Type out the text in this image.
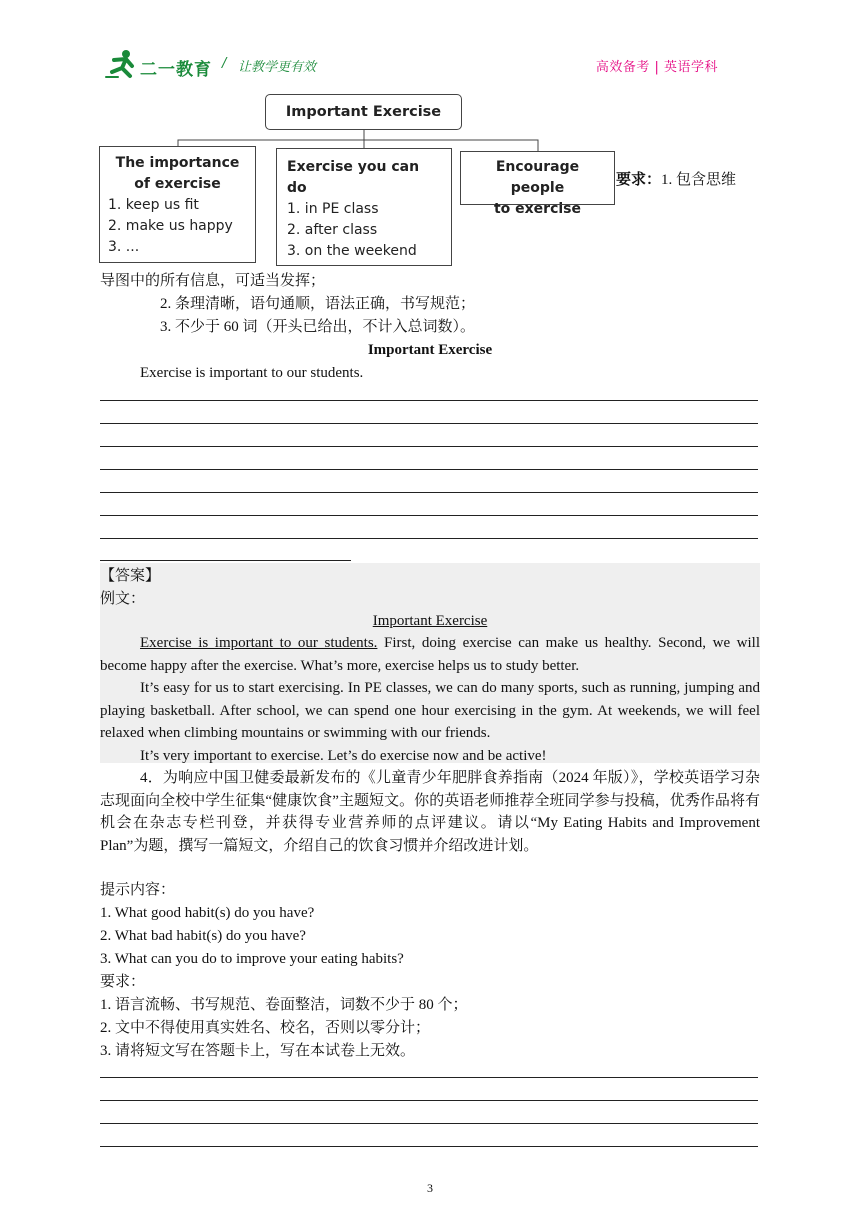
二一教育 / 让教学更有效	高效备考 | 英语学科
Important Exercise
The importance
of exercise
1. keep us fit
2. make us happy
3. ...
Exercise you can do
1. in PE class
2. after class
3. on the weekend
Encourage people
to exercise
要求：1. 包含思维
导图中的所有信息，可适当发挥；
2. 条理清晰，语句通顺，语法正确，书写规范；
3. 不少于 60 词（开头已给出，不计入总词数）。
Important Exercise
Exercise is important to our students.
【答案】
例文：
Important Exercise
Exercise is important to our students. First, doing exercise can make us healthy. Second, we will become happy after the exercise. What’s more, exercise helps us to study better.
It’s easy for us to start exercising. In PE classes, we can do many sports, such as running, jumping and playing basketball. After school, we can spend one hour exercising in the gym. At weekends, we will feel relaxed when climbing mountains or swimming with our friends.
It’s very important to exercise. Let’s do exercise now and be active!
4．为响应中国卫健委最新发布的《儿童青少年肥胖食养指南（2024 年版）》，学校英语学习杂志现面向全校中学生征集“健康饮食”主题短文。你的英语老师推荐全班同学参与投稿，优秀作品将有机会在杂志专栏刊登，并获得专业营养师的点评建议。请以“My Eating Habits and Improvement Plan”为题，撰写一篇短文，介绍自己的饮食习惯并介绍改进计划。
提示内容：
1. What good habit(s) do you have?
2. What bad habit(s) do you have?
3. What can you do to improve your eating habits?
要求：
1. 语言流畅、书写规范、卷面整洁，词数不少于 80 个；
2. 文中不得使用真实姓名、校名，否则以零分计；
3. 请将短文写在答题卡上，写在本试卷上无效。
3
